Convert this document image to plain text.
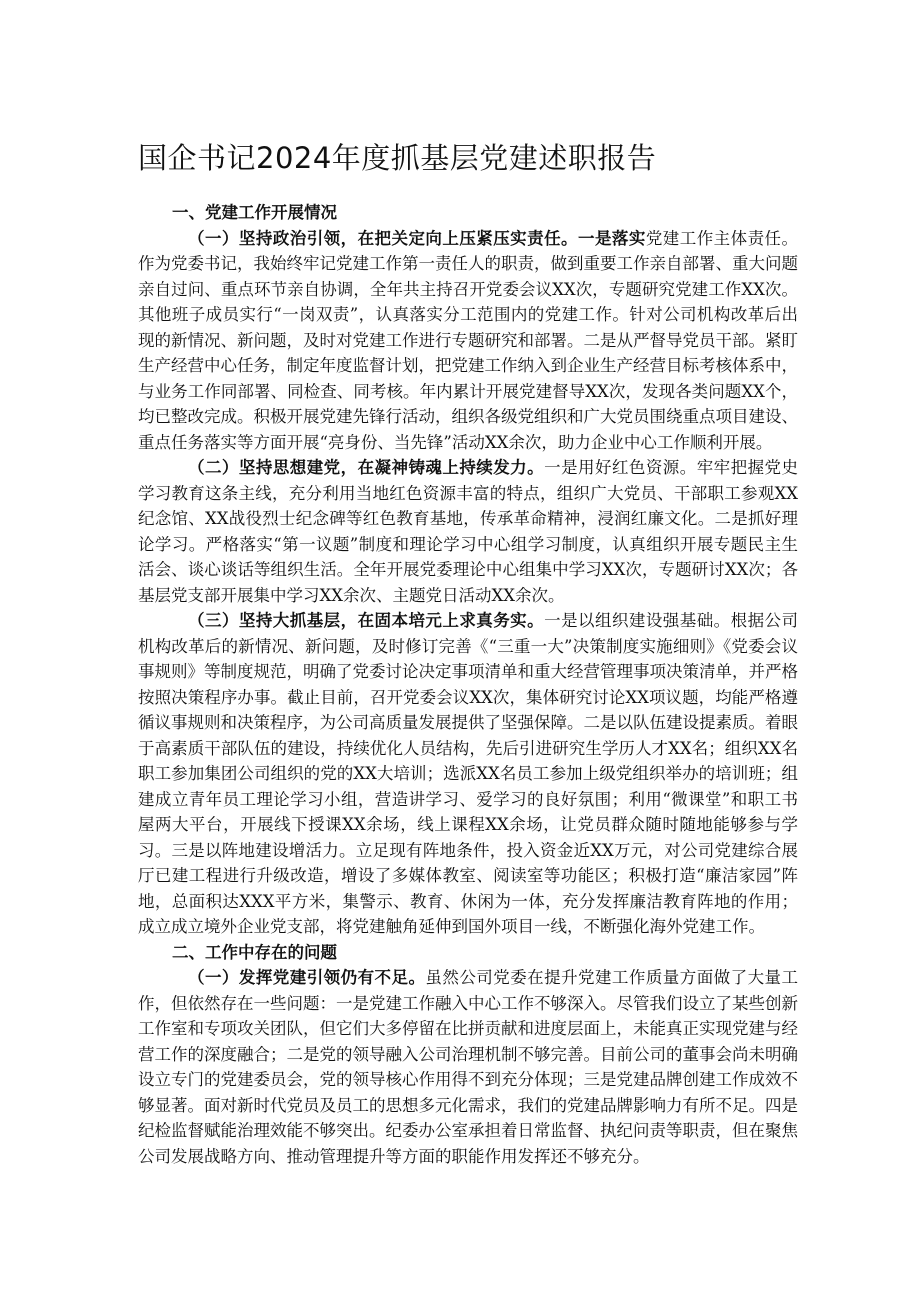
国企书记2024年度抓基层党建述职报告
一、党建工作开展情况

（一）坚持政治引领，在把关定向上压紧压实责任。一是落实党建工作主体责任。作为党委书记，我始终牢记党建工作第一责任人的职责，做到重要工作亲自部署、重大问题亲自过问、重点环节亲自协调，全年共主持召开党委会议XX次，专题研究党建工作XX次。其他班子成员实行“一岗双责”，认真落实分工范围内的党建工作。针对公司机构改革后出现的新情况、新问题，及时对党建工作进行专题研究和部署。二是从严督导党员干部。紧盯生产经营中心任务，制定年度监督计划，把党建工作纳入到企业生产经营目标考核体系中，与业务工作同部署、同检查、同考核。年内累计开展党建督导XX次，发现各类问题XX个，均已整改完成。积极开展党建先锋行活动，组织各级党组织和广大党员围绕重点项目建设、重点任务落实等方面开展“亮身份、当先锋”活动XX余次，助力企业中心工作顺利开展。

（二）坚持思想建党，在凝神铸魂上持续发力。一是用好红色资源。牢牢把握党史学习教育这条主线，充分利用当地红色资源丰富的特点，组织广大党员、干部职工参观XX纪念馆、XX战役烈士纪念碑等红色教育基地，传承革命精神，浸润红廉文化。二是抓好理论学习。严格落实“第一议题”制度和理论学习中心组学习制度，认真组织开展专题民主生活会、谈心谈话等组织生活。全年开展党委理论中心组集中学习XX次，专题研讨XX次；各基层党支部开展集中学习XX余次、主题党日活动XX余次。

（三）坚持大抓基层，在固本培元上求真务实。一是以组织建设强基础。根据公司机构改革后的新情况、新问题，及时修订完善《“三重一大”决策制度实施细则》《党委会议事规则》等制度规范，明确了党委讨论决定事项清单和重大经营管理事项决策清单，并严格按照决策程序办事。截止目前，召开党委会议XX次，集体研究讨论XX项议题，均能严格遵循议事规则和决策程序，为公司高质量发展提供了坚强保障。二是以队伍建设提素质。着眼于高素质干部队伍的建设，持续优化人员结构，先后引进研究生学历人才XX名；组织XX名职工参加集团公司组织的党的XX大培训；选派XX名员工参加上级党组织举办的培训班；组建成立青年员工理论学习小组，营造讲学习、爱学习的良好氛围；利用“微课堂”和职工书屋两大平台，开展线下授课XX余场，线上课程XX余场，让党员群众随时随地能够参与学习。三是以阵地建设增活力。立足现有阵地条件，投入资金近XX万元，对公司党建综合展厅已建工程进行升级改造，增设了多媒体教室、阅读室等功能区；积极打造“廉洁家园”阵地，总面积达XXX平方米，集警示、教育、休闲为一体，充分发挥廉洁教育阵地的作用；成立成立境外企业党支部，将党建触角延伸到国外项目一线，不断强化海外党建工作。

二、工作中存在的问题

（一）发挥党建引领仍有不足。虽然公司党委在提升党建工作质量方面做了大量工作，但依然存在一些问题：一是党建工作融入中心工作不够深入。尽管我们设立了某些创新工作室和专项攻关团队，但它们大多停留在比拼贡献和进度层面上，未能真正实现党建与经营工作的深度融合；二是党的领导融入公司治理机制不够完善。目前公司的董事会尚未明确设立专门的党建委员会，党的领导核心作用得不到充分体现；三是党建品牌创建工作成效不够显著。面对新时代党员及员工的思想多元化需求，我们的党建品牌影响力有所不足。四是纪检监督赋能治理效能不够突出。纪委办公室承担着日常监督、执纪问责等职责，但在聚焦公司发展战略方向、推动管理提升等方面的职能作用发挥还不够充分。
